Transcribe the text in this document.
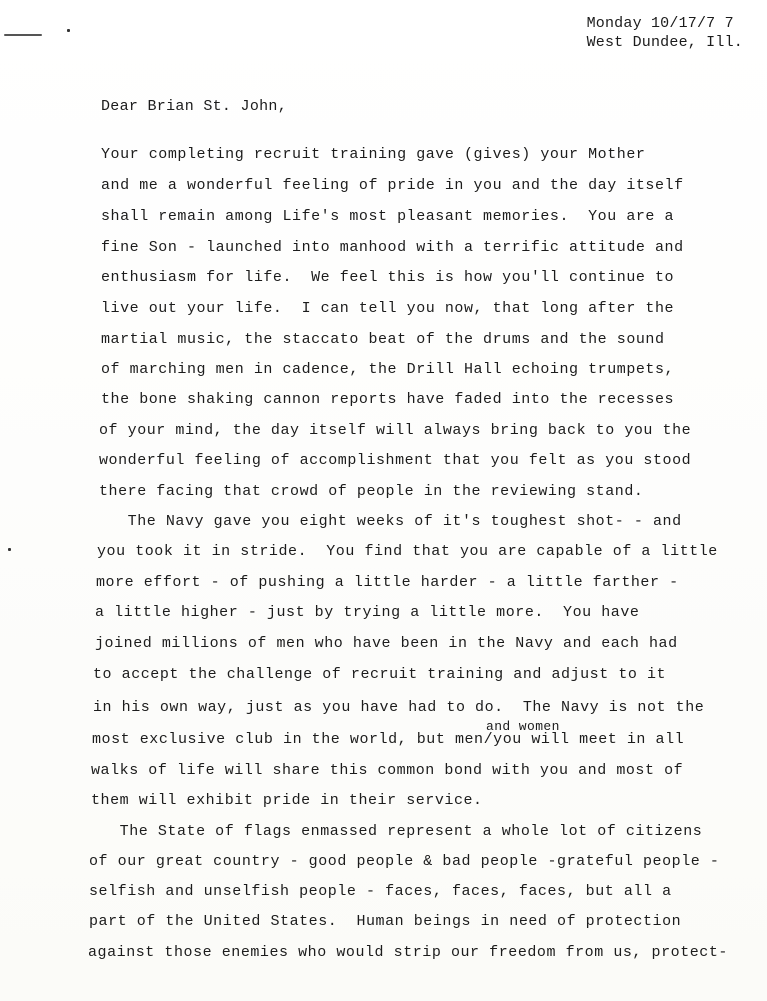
Monday 10/17/7 7
West Dundee, Ill.
Dear Brian St. John,
Your completing recruit training gave (gives) your Mother
and me a wonderful feeling of pride in you and the day itself
shall remain among Life's most pleasant memories.  You are a
fine Son - launched into manhood with a terrific attitude and
enthusiasm for life.  We feel this is how you'll continue to
live out your life.  I can tell you now, that long after the
martial music, the staccato beat of the drums and the sound
of marching men in cadence, the Drill Hall echoing trumpets,
the bone shaking cannon reports have faded into the recesses
of your mind, the day itself will always bring back to you the
wonderful feeling of accomplishment that you felt as you stood
there facing that crowd of people in the reviewing stand.
The Navy gave you eight weeks of it's toughest shot- - and
you took it in stride.  You find that you are capable of a little
more effort - of pushing a little harder - a little farther -
a little higher - just by trying a little more.  You have
joined millions of men who have been in the Navy and each had
to accept the challenge of recruit training and adjust to it
in his own way, just as you have had to do.  The Navy is not the
and women
most exclusive club in the world, but men/you will meet in all
walks of life will share this common bond with you and most of
them will exhibit pride in their service.
The State of flags enmassed represent a whole lot of citizens
of our great country - good people & bad people -grateful people -
selfish and unselfish people - faces, faces, faces, but all a
part of the United States.  Human beings in need of protection
against those enemies who would strip our freedom from us, protect-
